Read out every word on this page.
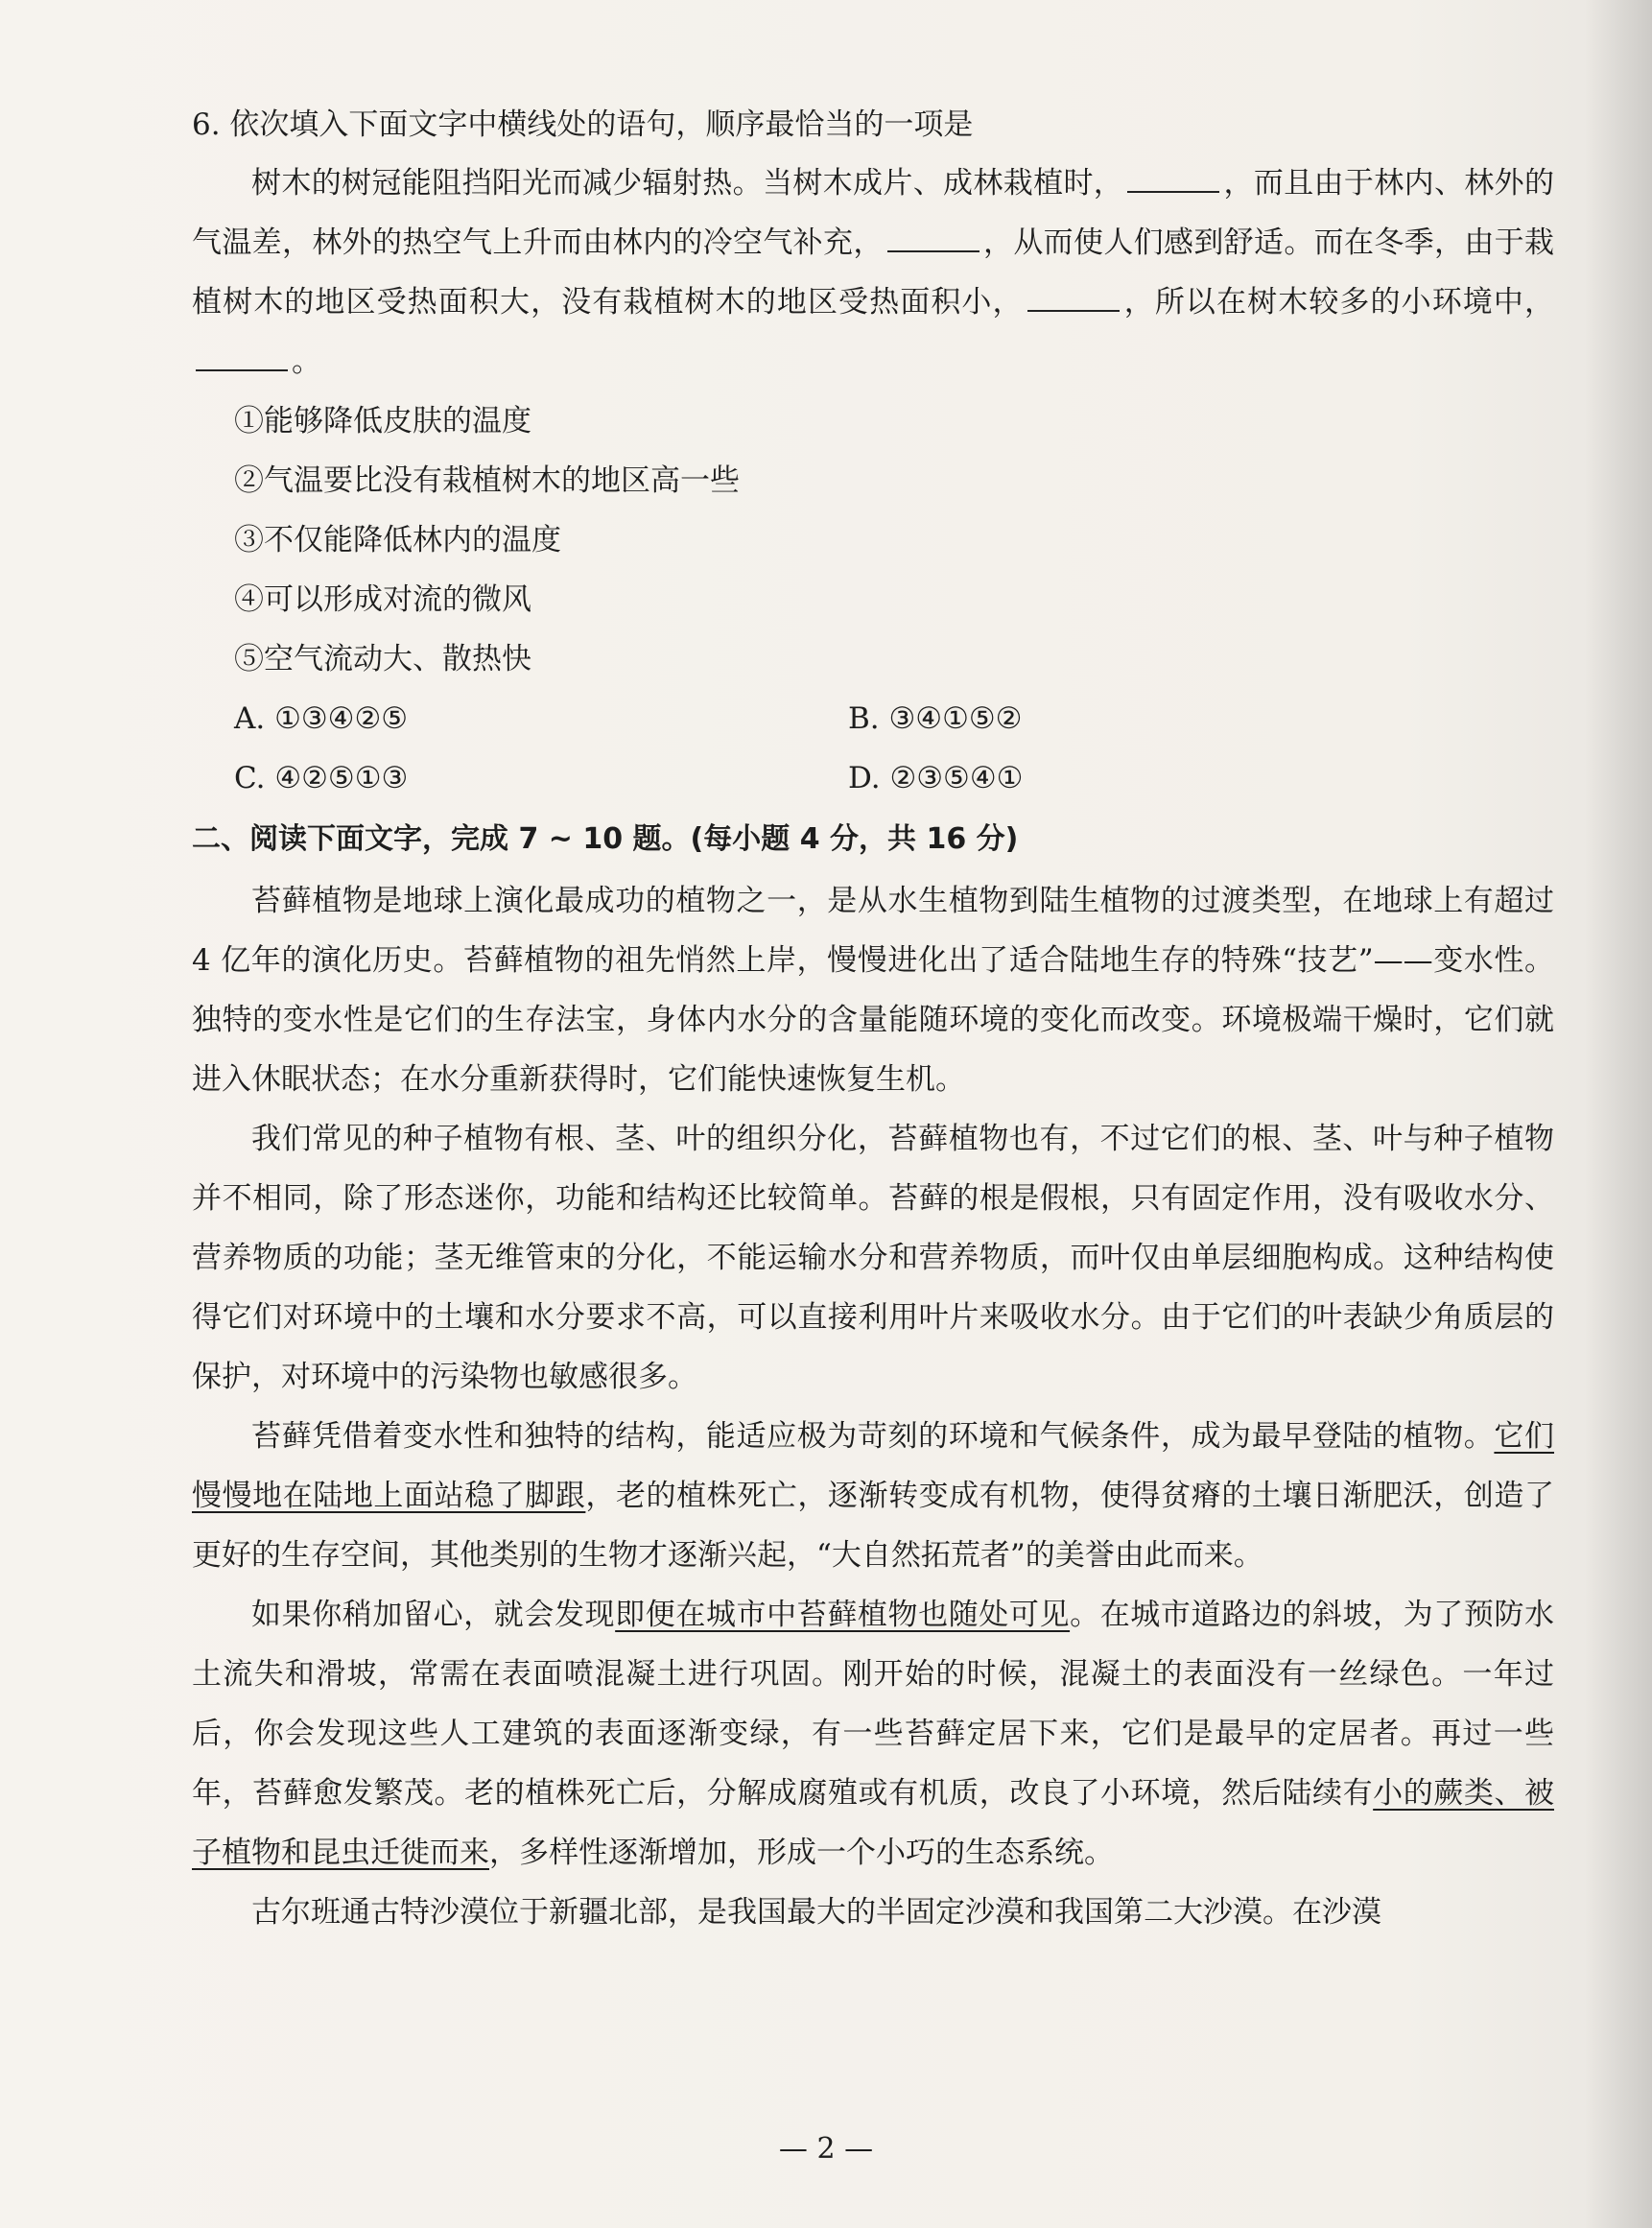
6. 依次填入下面文字中横线处的语句，顺序最恰当的一项是

树木的树冠能阻挡阳光而减少辐射热。当树木成片、成林栽植时，	，而且由于林内、林外的气温差，林外的热空气上升而由林内的冷空气补充，	，从而使人们感到舒适。而在冬季，由于栽植树木的地区受热面积大，没有栽植树木的地区受热面积小，	，所以在树木较多的小环境中，。

①能够降低皮肤的温度
②气温要比没有栽植树木的地区高一些
③不仅能降低林内的温度
④可以形成对流的微风
⑤空气流动大、散热快
A. ①③④②⑤	B. ③④①⑤②
C. ④②⑤①③	D. ②③⑤④①

二、阅读下面文字，完成 7 ~ 10 题。(每小题 4 分，共 16 分)

苔藓植物是地球上演化最成功的植物之一，是从水生植物到陆生植物的过渡类型，在地球上有超过 4 亿年的演化历史。苔藓植物的祖先悄然上岸，慢慢进化出了适合陆地生存的特殊“技艺”——变水性。独特的变水性是它们的生存法宝，身体内水分的含量能随环境的变化而改变。环境极端干燥时，它们就进入休眠状态；在水分重新获得时，它们能快速恢复生机。

我们常见的种子植物有根、茎、叶的组织分化，苔藓植物也有，不过它们的根、茎、叶与种子植物并不相同，除了形态迷你，功能和结构还比较简单。苔藓的根是假根，只有固定作用，没有吸收水分、营养物质的功能；茎无维管束的分化，不能运输水分和营养物质，而叶仅由单层细胞构成。这种结构使得它们对环境中的土壤和水分要求不高，可以直接利用叶片来吸收水分。由于它们的叶表缺少角质层的保护，对环境中的污染物也敏感很多。

苔藓凭借着变水性和独特的结构，能适应极为苛刻的环境和气候条件，成为最早登陆的植物。它们慢慢地在陆地上面站稳了脚跟，老的植株死亡，逐渐转变成有机物，使得贫瘠的土壤日渐肥沃，创造了更好的生存空间，其他类别的生物才逐渐兴起，“大自然拓荒者”的美誉由此而来。

如果你稍加留心，就会发现即便在城市中苔藓植物也随处可见。在城市道路边的斜坡，为了预防水土流失和滑坡，常需在表面喷混凝土进行巩固。刚开始的时候，混凝土的表面没有一丝绿色。一年过后，你会发现这些人工建筑的表面逐渐变绿，有一些苔藓定居下来，它们是最早的定居者。再过一些年，苔藓愈发繁茂。老的植株死亡后，分解成腐殖或有机质，改良了小环境，然后陆续有小的蕨类、被子植物和昆虫迁徙而来，多样性逐渐增加，形成一个小巧的生态系统。

古尔班通古特沙漠位于新疆北部，是我国最大的半固定沙漠和我国第二大沙漠。在沙漠

— 2 —
